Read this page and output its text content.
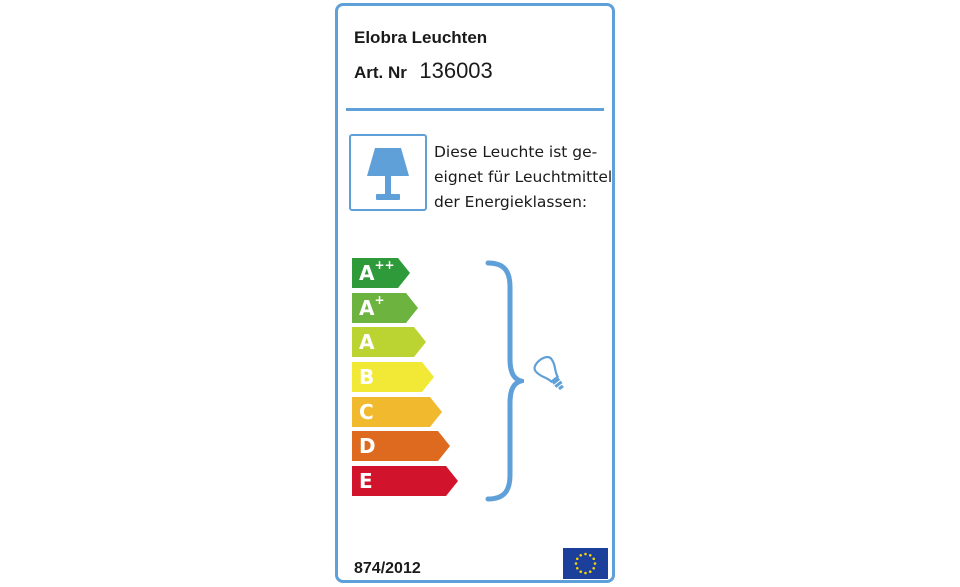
Elobra Leuchten
Art. Nr 136003
Diese Leuchte ist ge-
eignet für Leuchtmittel
der Energieklassen:
A++
A+
A
B
C
D
E
874/2012
